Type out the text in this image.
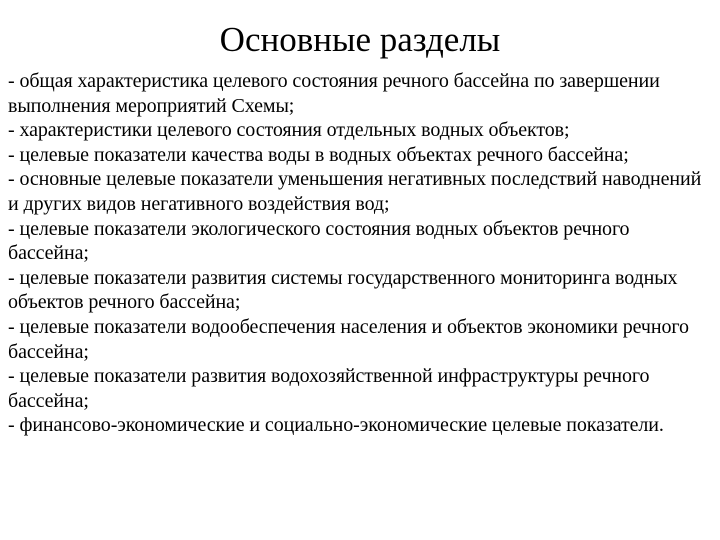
Основные разделы
- общая характеристика целевого состояния речного бассейна по завершении выполнения мероприятий Схемы;
- характеристики целевого состояния отдельных водных объектов;
- целевые показатели качества воды в водных объектах речного бассейна;
- основные целевые показатели уменьшения негативных последствий наводнений и других видов негативного воздействия вод;
- целевые показатели экологического состояния водных объектов речного бассейна;
- целевые показатели развития системы государственного мониторинга водных объектов речного бассейна;
- целевые показатели водообеспечения населения и объектов экономики речного бассейна;
- целевые показатели развития водохозяйственной инфраструктуры речного бассейна;
- финансово-экономические и социально-экономические целевые показатели.
